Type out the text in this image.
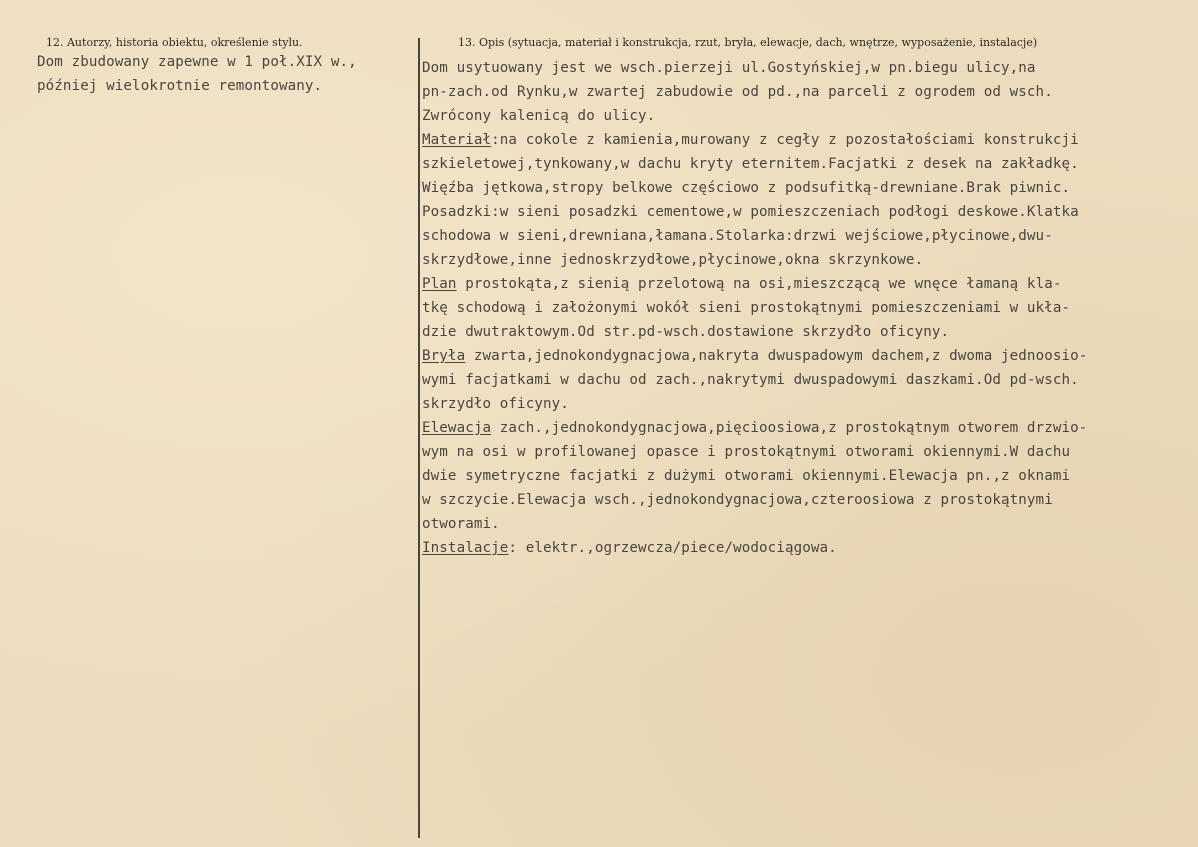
12. Autorzy, historia obiektu, określenie stylu.	13. Opis (sytuacja, materiał i konstrukcja, rzut, bryła, elewacje, dach, wnętrze, wyposażenie, instalacje)
Dom zbudowany zapewne w 1 poł.XIX w.,
później wielokrotnie remontowany.
Dom usytuowany jest we wsch.pierzeji ul.Gostyńskiej,w pn.biegu ulicy,na
pn-zach.od Rynku,w zwartej zabudowie od pd.,na parceli z ogrodem od wsch.
Zwrócony kalenicą do ulicy.
Materiał:na cokole z kamienia,murowany z cegły z pozostałościami konstrukcji
szkieletowej,tynkowany,w dachu kryty eternitem.Facjatki z desek na zakładkę.
Więźba jętkowa,stropy belkowe częściowo z podsufitką-drewniane.Brak piwnic.
Posadzki:w sieni posadzki cementowe,w pomieszczeniach podłogi deskowe.Klatka
schodowa w sieni,drewniana,łamana.Stolarka:drzwi wejściowe,płycinowe,dwu-
skrzydłowe,inne jednoskrzydłowe,płycinowe,okna skrzynkowe.
Plan prostokąta,z sienią przelotową na osi,mieszczącą we wnęce łamaną kla-
tkę schodową i założonymi wokół sieni prostokątnymi pomieszczeniami w ukła-
dzie dwutraktowym.Od str.pd-wsch.dostawione skrzydło oficyny.
Bryła zwarta,jednokondygnacjowa,nakryta dwuspadowym dachem,z dwoma jednoosio-
wymi facjatkami w dachu od zach.,nakrytymi dwuspadowymi daszkami.Od pd-wsch.
skrzydło oficyny.
Elewacja zach.,jednokondygnacjowa,pięcioosiowa,z prostokątnym otworem drzwio-
wym na osi w profilowanej opasce i prostokątnymi otworami okiennymi.W dachu
dwie symetryczne facjatki z dużymi otworami okiennymi.Elewacja pn.,z oknami
w szczycie.Elewacja wsch.,jednokondygnacjowa,czteroosiowa z prostokątnymi
otworami.
Instalacje: elektr.,ogrzewcza/piece/wodociągowa.
